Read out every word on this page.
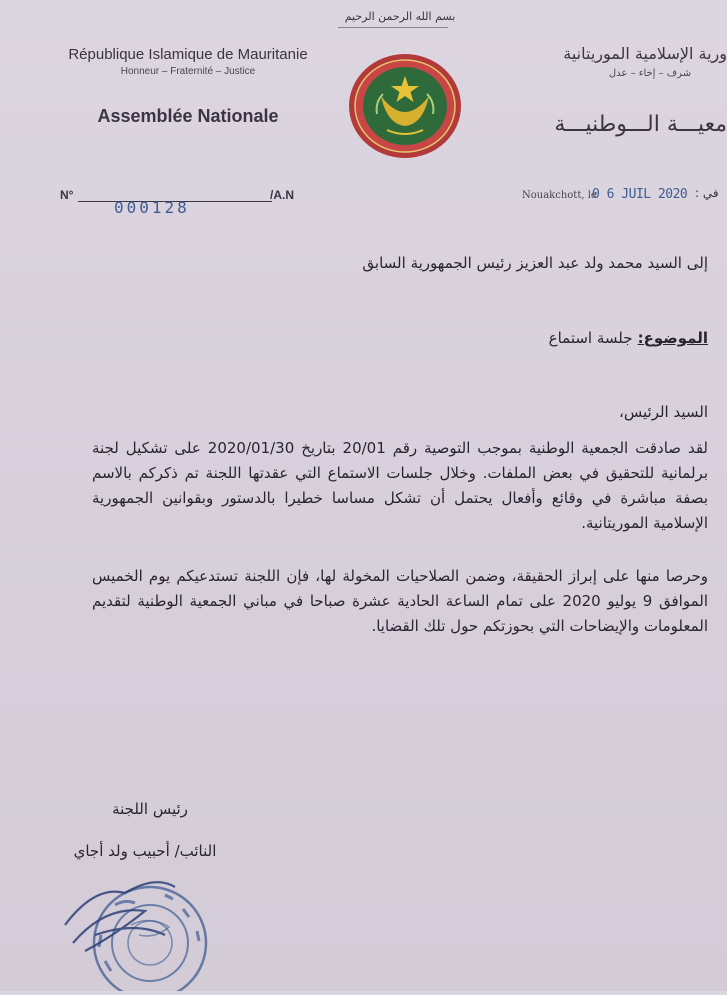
بسم الله الرحمن الرحيم
République Islamique de Mauritanie
Honneur – Fraternité – Justice
Assemblée Nationale
ورية الإسلامية الموريتانية
شرف – إخاء – عدل
معيـــة الـــوطنيـــة
N°
000128
/A.N	Nouakchott, le
0 6 JUIL 2020 في :
إلى السيد محمد ولد عبد العزيز رئيس الجمهورية السابق
الموضوع: جلسة استماع
السيد الرئيس،
لقد صادقت الجمعية الوطنية بموجب التوصية رقم 20/01 بتاريخ 2020/01/30 على تشكيل لجنة برلمانية للتحقيق في بعض الملفات. وخلال جلسات الاستماع التي عقدتها اللجنة تم ذكركم بالاسم بصفة مباشرة في وقائع وأفعال يحتمل أن تشكل مساسا خطيرا بالدستور وبقوانين الجمهورية الإسلامية الموريتانية.
وحرصا منها على إبراز الحقيقة، وضمن الصلاحيات المخولة لها، فإن اللجنة تستدعيكم يوم الخميس الموافق 9 يوليو 2020 على تمام الساعة الحادية عشرة صباحا في مباني الجمعية الوطنية لتقديم المعلومات والإيضاحات التي بحوزتكم حول تلك القضايا.
رئيس اللجنة
النائب/ أحبيب ولد أجاي
